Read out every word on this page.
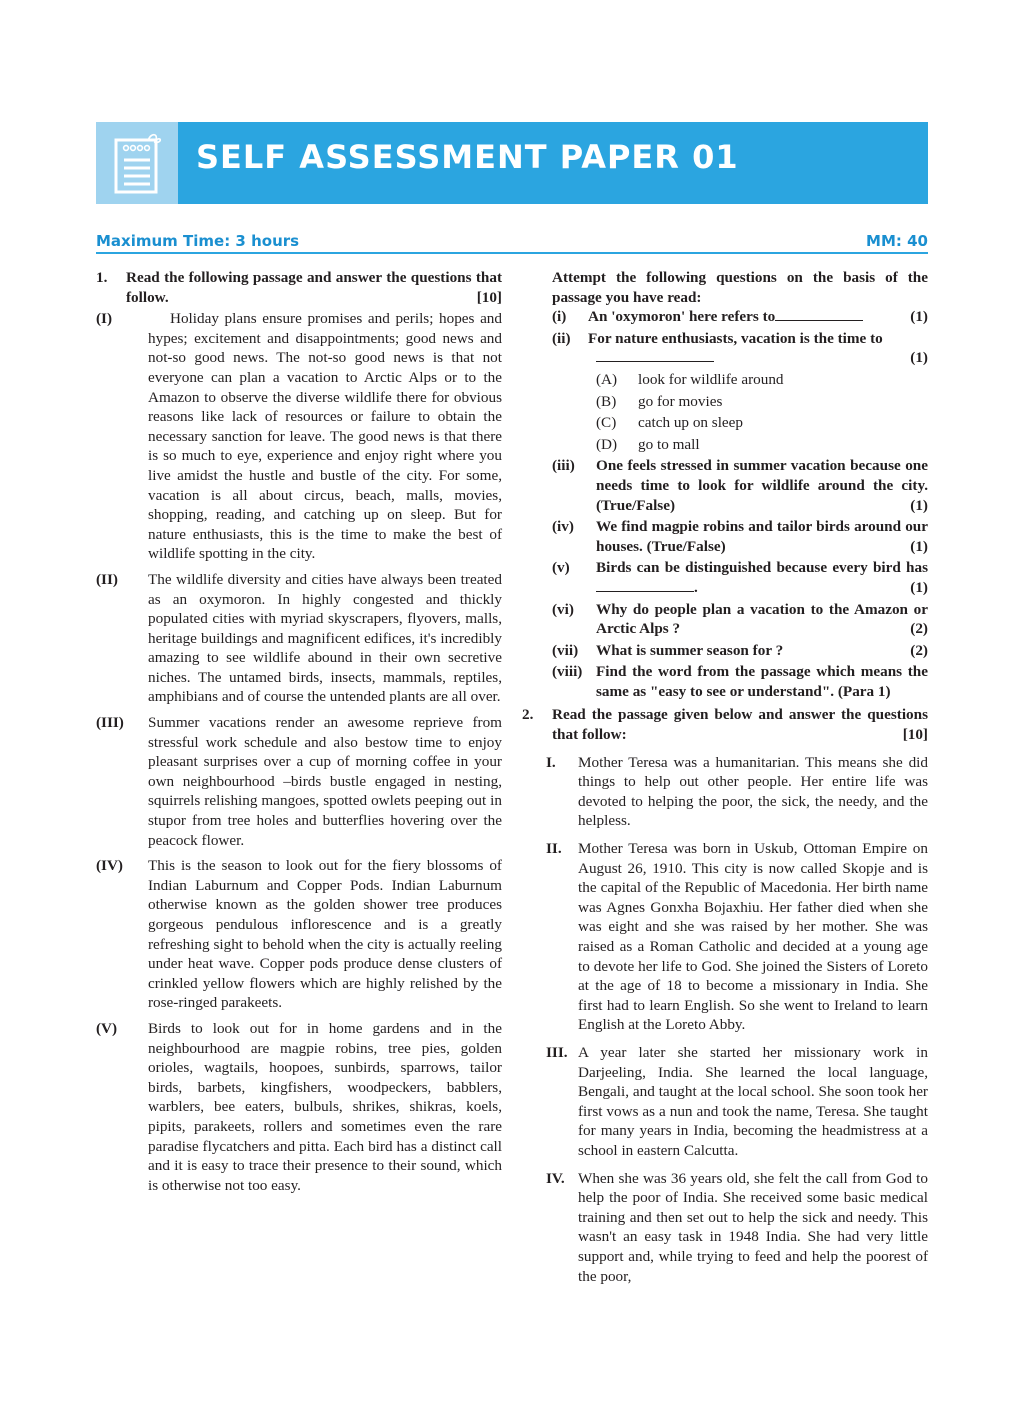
SELF ASSESSMENT PAPER 01
Maximum Time: 3 hours	MM: 40
1. Read the following passage and answer the questions that follow.	[10]
(I)	Holiday plans ensure promises and perils; hopes and hypes; excitement and disappointments; good news and not-so good news. The not-so good news is that not everyone can plan a vacation to Arctic Alps or to the Amazon to observe the diverse wildlife there for obvious reasons like lack of resources or failure to obtain the necessary sanction for leave. The good news is that there is so much to eye, experience and enjoy right where you live amidst the hustle and bustle of the city. For some, vacation is all about circus, beach, malls, movies, shopping, reading, and catching up on sleep. But for nature enthusiasts, this is the time to make the best of wildlife spotting in the city.
(II) The wildlife diversity and cities have always been treated as an oxymoron. In highly congested and thickly populated cities with myriad skyscrapers, flyovers, malls, heritage buildings and magnificent edifices, it's incredibly amazing to see wildlife abound in their own secretive niches. The untamed birds, insects, mammals, reptiles, amphibians and of course the untended plants are all over.
(III) Summer vacations render an awesome reprieve from stressful work schedule and also bestow time to enjoy pleasant surprises over a cup of morning coffee in your own neighbourhood –birds bustle engaged in nesting, squirrels relishing mangoes, spotted owlets peeping out in stupor from tree holes and butterflies hovering over the peacock flower.
(IV) This is the season to look out for the fiery blossoms of Indian Laburnum and Copper Pods. Indian Laburnum otherwise known as the golden shower tree produces gorgeous pendulous inflorescence and is a greatly refreshing sight to behold when the city is actually reeling under heat wave. Copper pods produce dense clusters of crinkled yellow flowers which are highly relished by the rose-ringed parakeets.
(V) Birds to look out for in home gardens and in the neighbourhood are magpie robins, tree pies, golden orioles, wagtails, hoopoes, sunbirds, sparrows, tailor birds, barbets, kingfishers, woodpeckers, babblers, warblers, bee eaters, bulbuls, shrikes, shikras, koels, pipits, parakeets, rollers and sometimes even the rare paradise flycatchers and pitta. Each bird has a distinct call and it is easy to trace their presence to their sound, which is otherwise not too easy.
Attempt the following questions on the basis of the passage you have read:
(i) An 'oxymoron' here refers to	(1)
(ii) For nature enthusiasts, vacation is the time to

(1)
(A) look for wildlife around
(B) go for movies
(C) catch up on sleep
(D) go to mall
(iii) One feels stressed in summer vacation because one needs time to look for wildlife around the city. (True/False)	(1)
(iv) We find magpie robins and tailor birds around our houses. (True/False)	(1)
(v) Birds can be distinguished because every bird has .	(1)
(vi) Why do people plan a vacation to the Amazon or Arctic Alps ?	(2)
(vii) What is summer season for ?	(2)
(viii) Find the word from the passage which means the same as "easy to see or understand". (Para 1)
2. Read the passage given below and answer the questions that follow:	[10]
I. Mother Teresa was a humanitarian. This means she did things to help out other people. Her entire life was devoted to helping the poor, the sick, the needy, and the helpless.
II. Mother Teresa was born in Uskub, Ottoman Empire on August 26, 1910. This city is now called Skopje and is the capital of the Republic of Macedonia. Her birth name was Agnes Gonxha Bojaxhiu. Her father died when she was eight and she was raised by her mother. She was raised as a Roman Catholic and decided at a young age to devote her life to God. She joined the Sisters of Loreto at the age of 18 to become a missionary in India. She first had to learn English. So she went to Ireland to learn English at the Loreto Abby.
III. A year later she started her missionary work in Darjeeling, India. She learned the local language, Bengali, and taught at the local school. She soon took her first vows as a nun and took the name, Teresa. She taught for many years in India, becoming the headmistress at a school in eastern Calcutta.
IV. When she was 36 years old, she felt the call from God to help the poor of India. She received some basic medical training and then set out to help the sick and needy. This wasn't an easy task in 1948 India. She had very little support and, while trying to feed and help the poorest of the poor,
